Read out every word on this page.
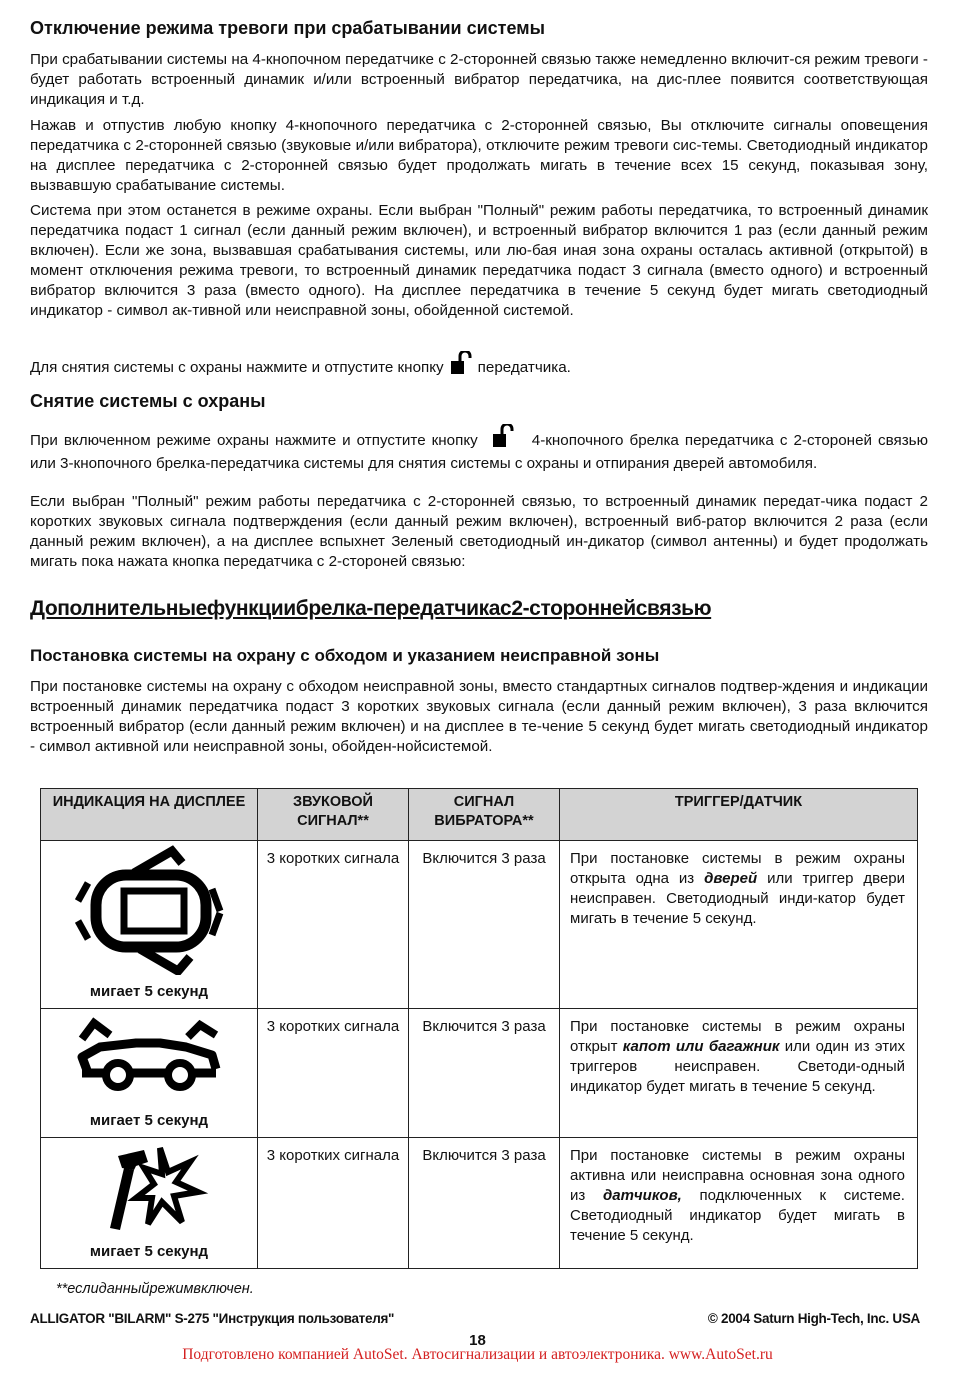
Отключение режима тревоги при срабатывании системы
При срабатывании системы на 4-кнопочном передатчике с 2-сторонней связью также немедленно включит-ся режим тревоги - будет работать встроенный динамик и/или встроенный вибратор передатчика, на дис-плее появится соответствующая индикация и т.д.
Нажав и отпустив любую кнопку 4-кнопочного передатчика с 2-сторонней связью, Вы отключите сигналы оповещения передатчика с 2-сторонней связью (звуковые и/или вибратора), отключите режим тревоги сис-темы. Светодиодный индикатор на дисплее передатчика с 2-сторонней связью будет продолжать мигать в течение всех 15 секунд, показывая зону, вызвавшую срабатывание системы.
Система при этом останется в режиме охраны. Если выбран "Полный" режим работы передатчика, то встроенный динамик передатчика подаст 1 сигнал (если данный режим включен), и встроенный вибратор включится 1 раз (если данный режим включен). Если же зона, вызвавшая срабатывания системы, или лю-бая иная зона охраны осталась активной (открытой) в момент отключения режима тревоги, то встроенный динамик передатчика подаст 3 сигнала (вместо одного) и встроенный вибратор включится 3 раза (вместо одного). На дисплее передатчика в течение 5 секунд будет мигать светодиодный индикатор - символ ак-тивной или неисправной зоны, обойденной системой.
Для снятия системы с охраны нажмите и отпустите кнопку передатчика.
Снятие системы с охраны
При включенном режиме охраны нажмите и отпустите кнопку	4-кнопочного брелка передатчика с 2-стороней связью или 3-кнопочного брелка-передатчика системы для снятия системы с охраны и отпирания дверей автомобиля.
Если выбран "Полный" режим работы передатчика с 2-сторонней связью, то встроенный динамик передат-чика подаст 2 коротких звуковых сигнала подтверждения (если данный режим включен), встроенный виб-ратор включится 2 раза (если данный режим включен), а на дисплее вспыхнет Зеленый светодиодный ин-дикатор (символ антенны) и будет продолжать мигать пока нажата кнопка передатчика с 2-стороней связью:
Дополнительныефункциибрелка-передатчикас2-стороннейсвязью
Постановка системы на охрану с обходом и указанием неисправной зоны
При постановке системы на охрану с обходом неисправной зоны, вместо стандартных сигналов подтвер-ждения и индикации встроенный динамик передатчика подаст 3 коротких звуковых сигнала (если данный режим включен), 3 раза включится встроенный вибратор (если данный режим включен) и на дисплее в те-чение 5 секунд будет мигать светодиодный индикатор - символ активной или неисправной зоны, обойден-нойсистемой.
ИНДИКАЦИЯ НА ДИСПЛЕЕ	ЗВУКОВОЙ СИГНАЛ**	СИГНАЛ ВИБРАТОРА**	ТРИГГЕР/ДАТЧИК

мигает 5 секунд	3 коротких сигнала	Включится 3 раза	При постановке системы в режим охраны открыта одна из дверей или триггер двери неисправен. Светодиодный инди-катор будет мигать в течение 5 секунд.

мигает 5 секунд	3 коротких сигнала	Включится 3 раза	При постановке системы в режим охраны открыт капот или багажник или один из этих триггеров неисправен. Светоди-одный индикатор будет мигать в течение 5 секунд.

мигает 5 секунд	3 коротких сигнала	Включится 3 раза	При постановке системы в режим охраны активна или неисправна основная зона одного из датчиков, подключенных к системе. Светодиодный индикатор будет мигать в течение 5 секунд.
**еслиданныйрежимвключен.
ALLIGATOR "BILARM" S-275 "Инструкция пользователя"	© 2004 Saturn High-Tech, Inc. USA
18
Подготовлено компанией AutoSet. Автосигнализации и автоэлектроника. www.AutoSet.ru
